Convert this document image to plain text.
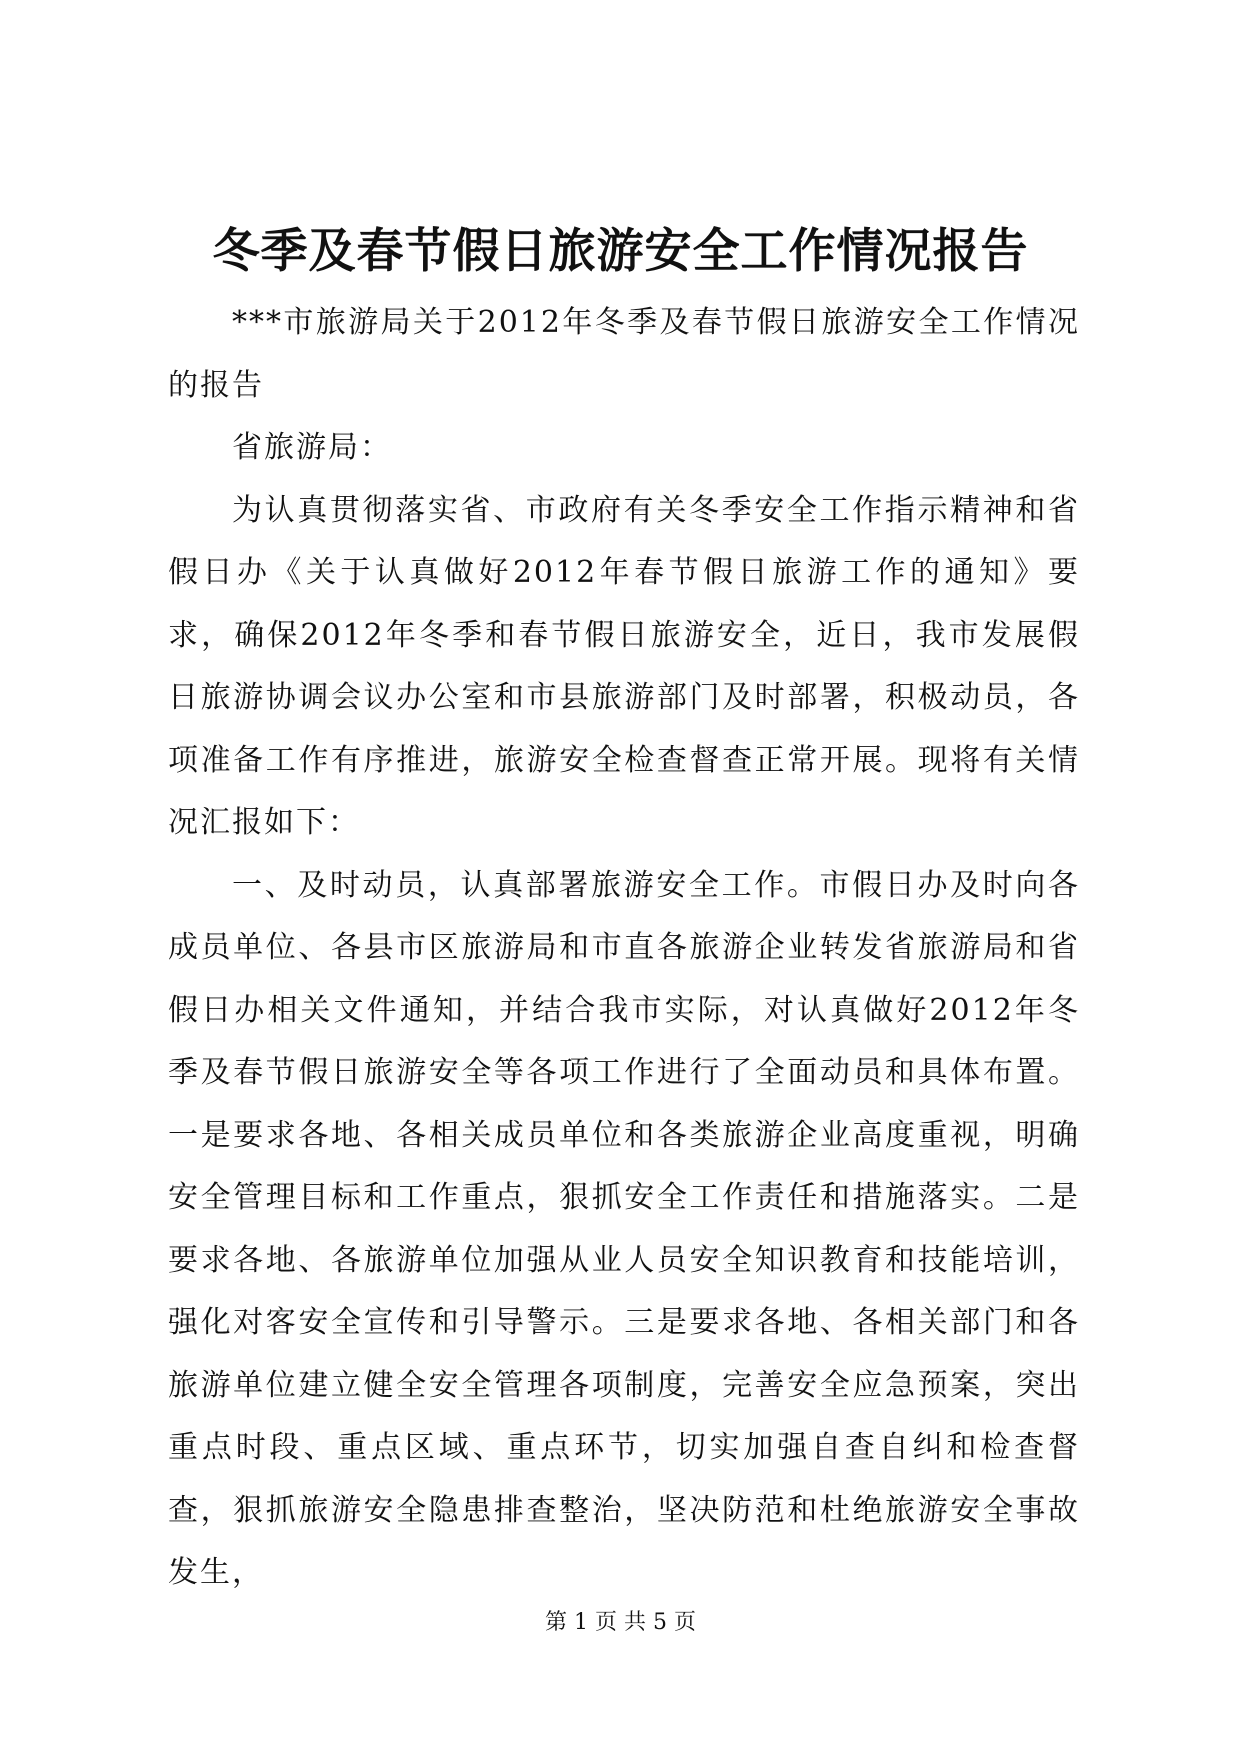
冬季及春节假日旅游安全工作情况报告

***市旅游局关于2012年冬季及春节假日旅游安全工作情况的报告

省旅游局：

为认真贯彻落实省、市政府有关冬季安全工作指示精神和省假日办《关于认真做好2012年春节假日旅游工作的通知》要求，确保2012年冬季和春节假日旅游安全，近日，我市发展假日旅游协调会议办公室和市县旅游部门及时部署，积极动员，各项准备工作有序推进，旅游安全检查督查正常开展。现将有关情况汇报如下：

一、及时动员，认真部署旅游安全工作。市假日办及时向各成员单位、各县市区旅游局和市直各旅游企业转发省旅游局和省假日办相关文件通知，并结合我市实际，对认真做好2012年冬季及春节假日旅游安全等各项工作进行了全面动员和具体布置。一是要求各地、各相关成员单位和各类旅游企业高度重视，明确安全管理目标和工作重点，狠抓安全工作责任和措施落实。二是要求各地、各旅游单位加强从业人员安全知识教育和技能培训，强化对客安全宣传和引导警示。三是要求各地、各相关部门和各旅游单位建立健全安全管理各项制度，完善安全应急预案，突出重点时段、重点区域、重点环节，切实加强自查自纠和检查督查，狠抓旅游安全隐患排查整治，坚决防范和杜绝旅游安全事故发生，

第 1 页 共 5 页
